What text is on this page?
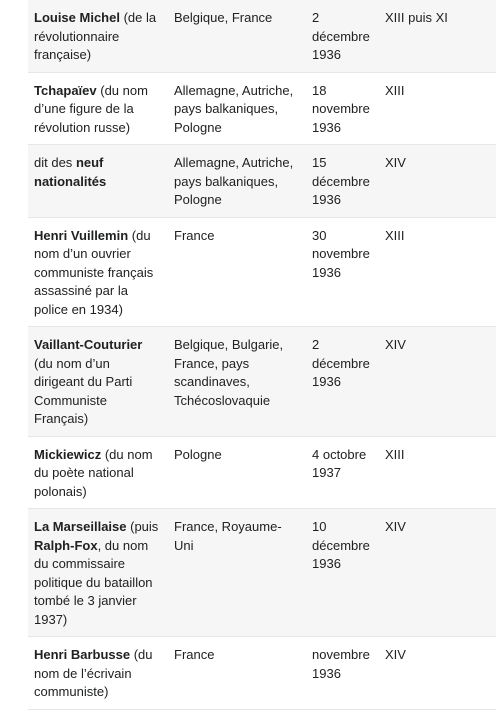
Louise Michel (de la révolutionnaire française)	Belgique, France	2 décembre 1936	XIII puis XI
Tchapaïev (du nom d’une figure de la révolution russe)	Allemagne, Autriche, pays balkaniques, Pologne	18 novembre 1936	XIII
dit des neuf nationalités	Allemagne, Autriche, pays balkaniques, Pologne	15 décembre 1936	XIV
Henri Vuillemin (du nom d’un ouvrier communiste français assassiné par la police en 1934)	France	30 novembre 1936	XIII
Vaillant-Couturier (du nom d’un dirigeant du Parti Communiste Français)	Belgique, Bulgarie, France, pays scandinaves, Tchécoslovaquie	2 décembre 1936	XIV
Mickiewicz (du nom du poète national polonais)	Pologne	4 octobre 1937	XIII
La Marseillaise (puis Ralph-Fox, du nom du commissaire politique du bataillon tombé le 3 janvier 1937)	France, Royaume-Uni	10 décembre 1936	XIV
Henri Barbusse (du nom de l’écrivain communiste)	France	novembre 1936	XIV
